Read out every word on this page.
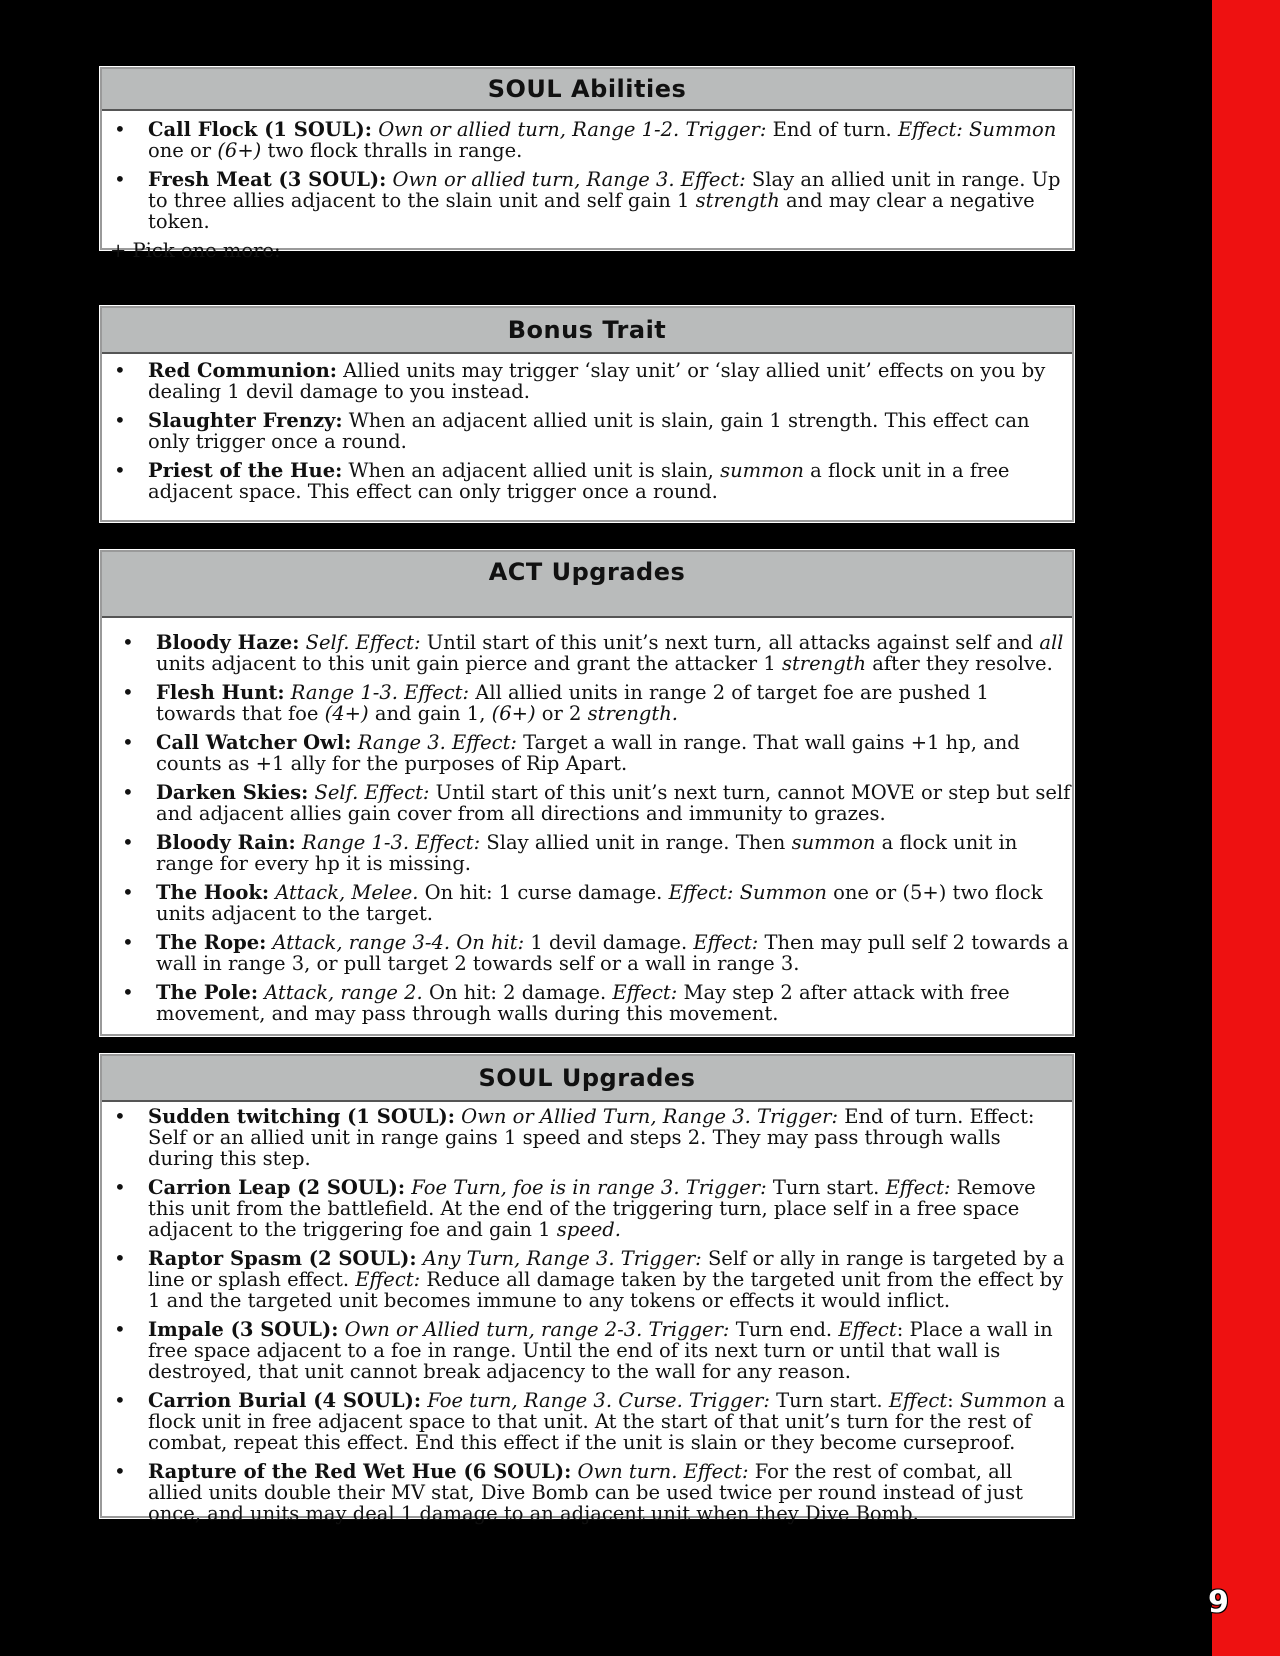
9
SOUL Abilities
• Call Flock (1 SOUL): Own or allied turn, Range 1-2. Trigger: End of turn. Effect: Summon one or (6+) two flock thralls in range.
• Fresh Meat (3 SOUL): Own or allied turn, Range 3. Effect: Slay an allied unit in range. Up to three allies adjacent to the slain unit and self gain 1 strength and may clear a negative token.
+ Pick one more:
Bonus Trait
• Red Communion: Allied units may trigger ‘slay unit’ or ‘slay allied unit’ effects on you by dealing 1 devil damage to you instead.
• Slaughter Frenzy: When an adjacent allied unit is slain, gain 1 strength. This effect can only trigger once a round.
• Priest of the Hue: When an adjacent allied unit is slain, summon a flock unit in a free adjacent space. This effect can only trigger once a round.
ACT Upgrades
• Bloody Haze: Self. Effect: Until start of this unit’s next turn, all attacks against self and all units adjacent to this unit gain pierce and grant the attacker 1 strength after they resolve.
• Flesh Hunt: Range 1-3. Effect: All allied units in range 2 of target foe are pushed 1 towards that foe (4+) and gain 1, (6+) or 2 strength.
• Call Watcher Owl: Range 3. Effect: Target a wall in range. That wall gains +1 hp, and counts as +1 ally for the purposes of Rip Apart.
• Darken Skies: Self. Effect: Until start of this unit’s next turn, cannot MOVE or step but self and adjacent allies gain cover from all directions and immunity to grazes.
• Bloody Rain: Range 1-3. Effect: Slay allied unit in range. Then summon a flock unit in range for every hp it is missing.
• The Hook: Attack, Melee. On hit: 1 curse damage. Effect: Summon one or (5+) two flock units adjacent to the target.
• The Rope: Attack, range 3-4. On hit: 1 devil damage. Effect: Then may pull self 2 towards a wall in range 3, or pull target 2 towards self or a wall in range 3.
• The Pole: Attack, range 2. On hit: 2 damage. Effect: May step 2 after attack with free movement, and may pass through walls during this movement.
SOUL Upgrades
• Sudden twitching (1 SOUL): Own or Allied Turn, Range 3. Trigger: End of turn. Effect: Self or an allied unit in range gains 1 speed and steps 2. They may pass through walls during this step.
• Carrion Leap (2 SOUL): Foe Turn, foe is in range 3. Trigger: Turn start. Effect: Remove this unit from the battlefield. At the end of the triggering turn, place self in a free space adjacent to the triggering foe and gain 1 speed.
• Raptor Spasm (2 SOUL): Any Turn, Range 3. Trigger: Self or ally in range is targeted by a line or splash effect. Effect: Reduce all damage taken by the targeted unit from the effect by 1 and the targeted unit becomes immune to any tokens or effects it would inflict.
• Impale (3 SOUL): Own or Allied turn, range 2-3. Trigger: Turn end. Effect: Place a wall in free space adjacent to a foe in range. Until the end of its next turn or until that wall is destroyed, that unit cannot break adjacency to the wall for any reason.
• Carrion Burial (4 SOUL): Foe turn, Range 3. Curse. Trigger: Turn start. Effect: Summon a flock unit in free adjacent space to that unit. At the start of that unit’s turn for the rest of combat, repeat this effect. End this effect if the unit is slain or they become curseproof.
• Rapture of the Red Wet Hue (6 SOUL): Own turn. Effect: For the rest of combat, all allied units double their MV stat, Dive Bomb can be used twice per round instead of just once, and units may deal 1 damage to an adjacent unit when they Dive Bomb.
